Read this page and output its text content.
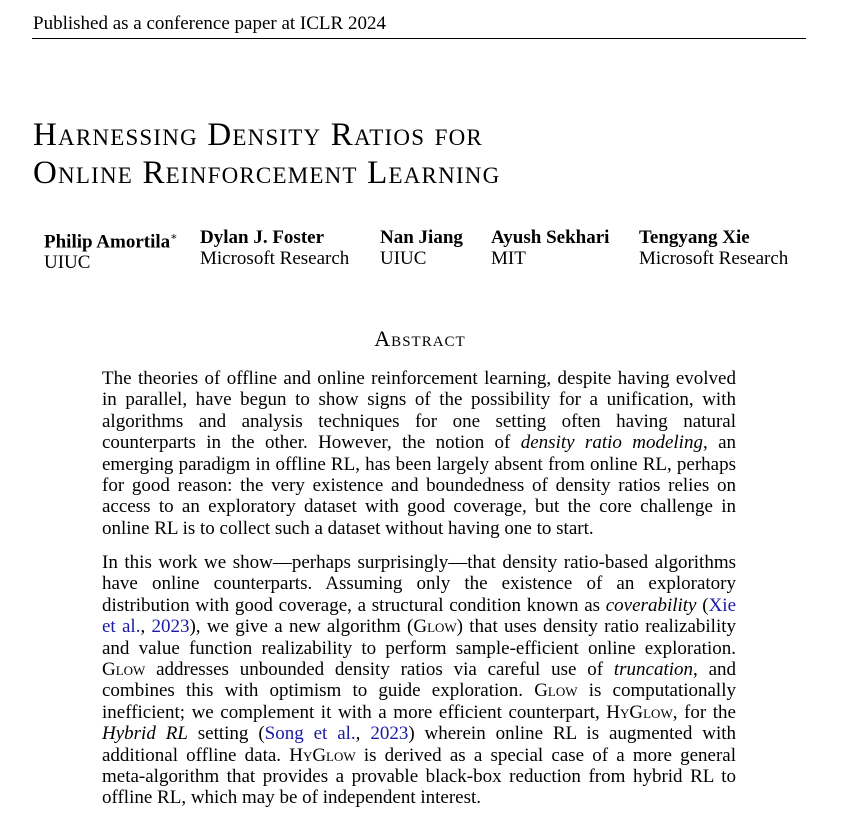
Published as a conference paper at ICLR 2024
Harnessing Density Ratios for
Online Reinforcement Learning
Philip Amortila∗
UIUC
Dylan J. Foster
Microsoft Research
Nan Jiang
UIUC
Ayush Sekhari
MIT
Tengyang Xie
Microsoft Research
Abstract

The theories of offline and online reinforcement learning, despite having evolved in parallel, have begun to show signs of the possibility for a unification, with algorithms and analysis techniques for one setting often having natural counterparts in the other. However, the notion of density ratio modeling, an emerging paradigm in offline RL, has been largely absent from online RL, perhaps for good reason: the very existence and boundedness of density ratios relies on access to an exploratory dataset with good coverage, but the core challenge in online RL is to collect such a dataset without having one to start.

In this work we show—perhaps surprisingly—that density ratio-based algorithms have online counterparts. Assuming only the existence of an exploratory distribution with good coverage, a structural condition known as coverability (Xie et al., 2023), we give a new algorithm (Glow) that uses density ratio realizability and value function realizability to perform sample-efficient online exploration. Glow addresses unbounded density ratios via careful use of truncation, and combines this with optimism to guide exploration. Glow is computationally inefficient; we complement it with a more efficient counterpart, HyGlow, for the Hybrid RL setting (Song et al., 2023) wherein online RL is augmented with additional offline data. HyGlow is derived as a special case of a more general meta-algorithm that provides a provable black-box reduction from hybrid RL to offline RL, which may be of independent interest.
